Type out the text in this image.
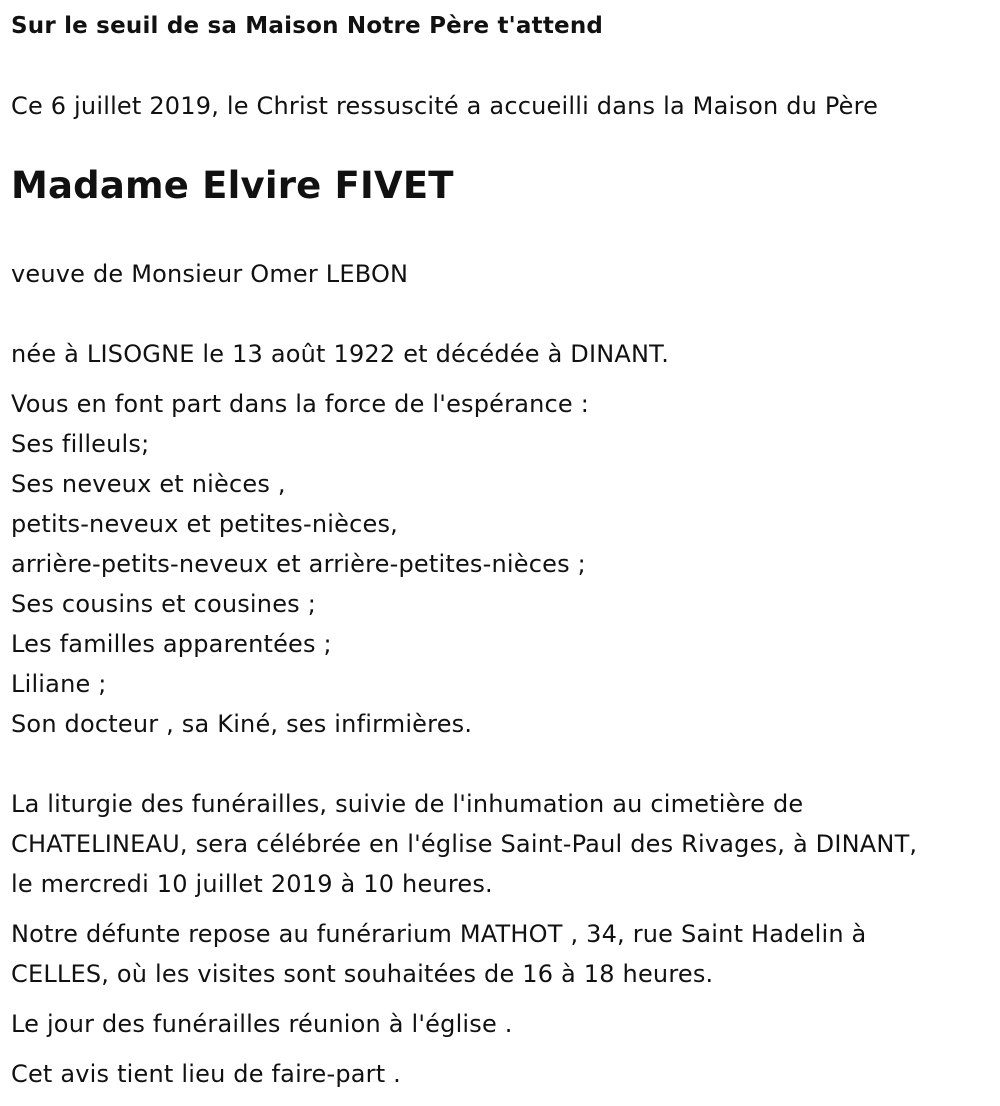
Sur le seuil de sa Maison Notre Père t'attend

Ce 6 juillet 2019, le Christ ressuscité a accueilli dans la Maison du Père

Madame Elvire FIVET

veuve de Monsieur Omer LEBON

née à LISOGNE le 13 août 1922 et décédée à DINANT.

Vous en font part dans la force de l'espérance :

Ses filleuls;

Ses neveux et nièces ,

petits-neveux et petites-nièces,

arrière-petits-neveux et arrière-petites-nièces ;

Ses cousins et cousines ;

Les familles apparentées ;

Liliane ;

Son docteur , sa Kiné, ses infirmières.

La liturgie des funérailles, suivie de l'inhumation au cimetière de

CHATELINEAU, sera célébrée en l'église Saint-Paul des Rivages, à DINANT,

le mercredi 10 juillet 2019 à 10 heures.

Notre défunte repose au funérarium MATHOT , 34, rue Saint Hadelin à

CELLES, où les visites sont souhaitées de 16 à 18 heures.

Le jour des funérailles réunion à l'église .

Cet avis tient lieu de faire-part .
